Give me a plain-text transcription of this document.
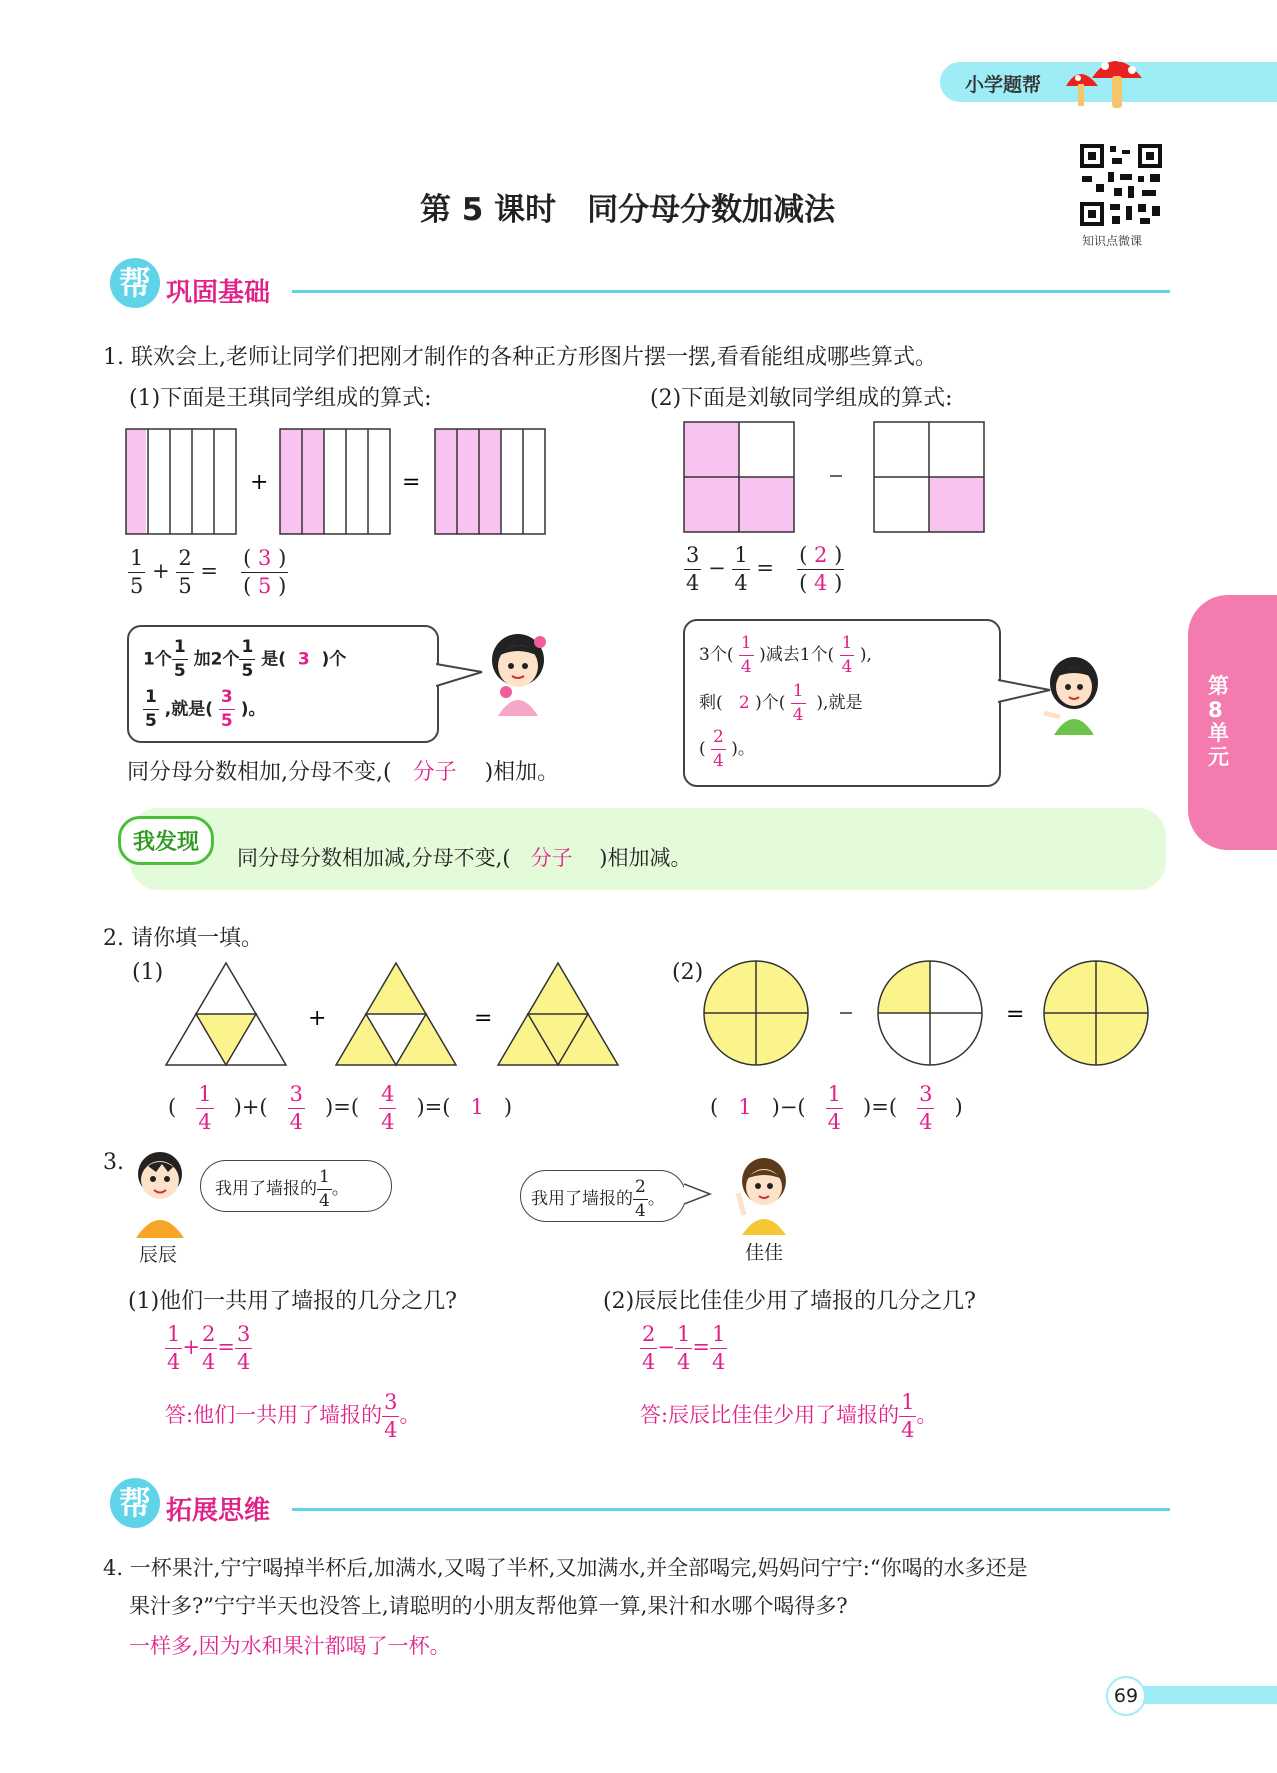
小学题帮
知识点微课
第 5 课时　同分母分数加减法
第8单元
帮 巩固基础
1. 联欢会上,老师让同学们把刚才制作的各种正方形图片摆一摆,看看能组成哪些算式。
(1)下面是王琪同学组成的算式:	(2)下面是刘敏同学组成的算式:
+	=
$\frac{1}{5} + \frac{2}{5} = \frac{( 3 )}{( 5 )}$	$\frac{3}{4} - \frac{1}{4} = \frac{( 2 )}{( 4 )}$
1个 $\frac{1}{5}$ 加2个 $\frac{1}{5}$ 是( 3 )个
$\frac{1}{5}$ ,就是( $\frac{3}{5}$ )。
同分母分数相加,分母不变,( 分子 )相加。
3个( $\frac{1}{4}$ )减去1个( $\frac{1}{4}$ ),
剩( 2 )个( $\frac{1}{4}$ ),就是
( $\frac{2}{4}$ )。
我发现
同分母分数相加减,分母不变,( 分子 )相加减。
2. 请你填一填。
(1)	(2)
+	=	=
( $\frac{1}{4}$ )+( $\frac{3}{4}$ )=( $\frac{4}{4}$ )=(   1   )	(   1   )−( $\frac{1}{4}$ )=( $\frac{3}{4}$ )
3.
辰辰
我用了墙报的 $\frac{1}{4}$ 。	我用了墙报的 $\frac{2}{4}$ 。
佳佳
(1)他们一共用了墙报的几分之几?	(2)辰辰比佳佳少用了墙报的几分之几?
$\frac{1}{4} + \frac{2}{4} = \frac{3}{4}$	$\frac{2}{4} - \frac{1}{4} = \frac{1}{4}$
答:他们一共用了墙报的 $\frac{3}{4}$ 。	答:辰辰比佳佳少用了墙报的 $\frac{1}{4}$ 。
帮 拓展思维
4. 一杯果汁,宁宁喝掉半杯后,加满水,又喝了半杯,又加满水,并全部喝完,妈妈问宁宁:“你喝的水多还是
果汁多?”宁宁半天也没答上,请聪明的小朋友帮他算一算,果汁和水哪个喝得多?
一样多,因为水和果汁都喝了一杯。
69
